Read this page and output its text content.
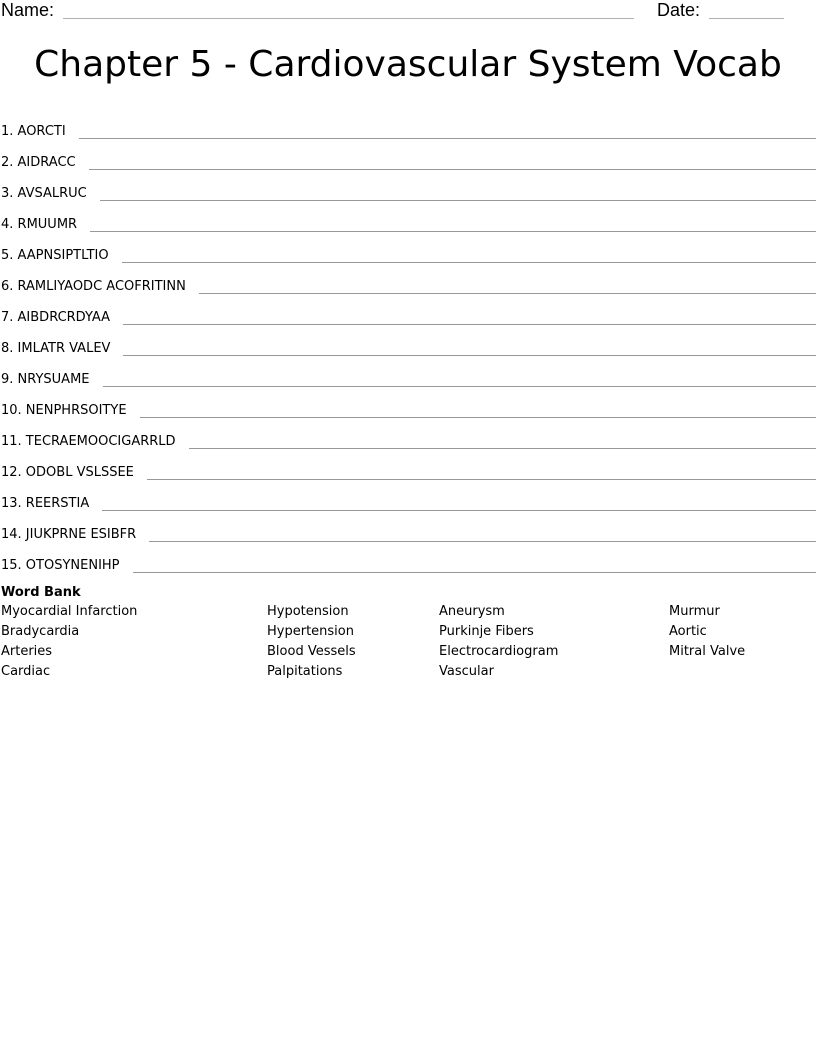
Name:	Date:
Chapter 5 - Cardiovascular System Vocab
1. AORCTI
2. AIDRACC
3. AVSALRUC
4. RMUUMR
5. AAPNSIPTLTIO
6. RAMLIYAODC ACOFRITINN
7. AIBDRCRDYAA
8. IMLATR VALEV
9. NRYSUAME
10. NENPHRSOITYE
11. TECRAEMOOCIGARRLD
12. ODOBL VSLSSEE
13. REERSTIA
14. JIUKPRNE ESIBFR
15. OTOSYNENIHP
Word Bank
Myocardial Infarction
Bradycardia
Arteries
Cardiac
Hypotension
Hypertension
Blood Vessels
Palpitations
Aneurysm
Purkinje Fibers
Electrocardiogram
Vascular
Murmur
Aortic
Mitral Valve
